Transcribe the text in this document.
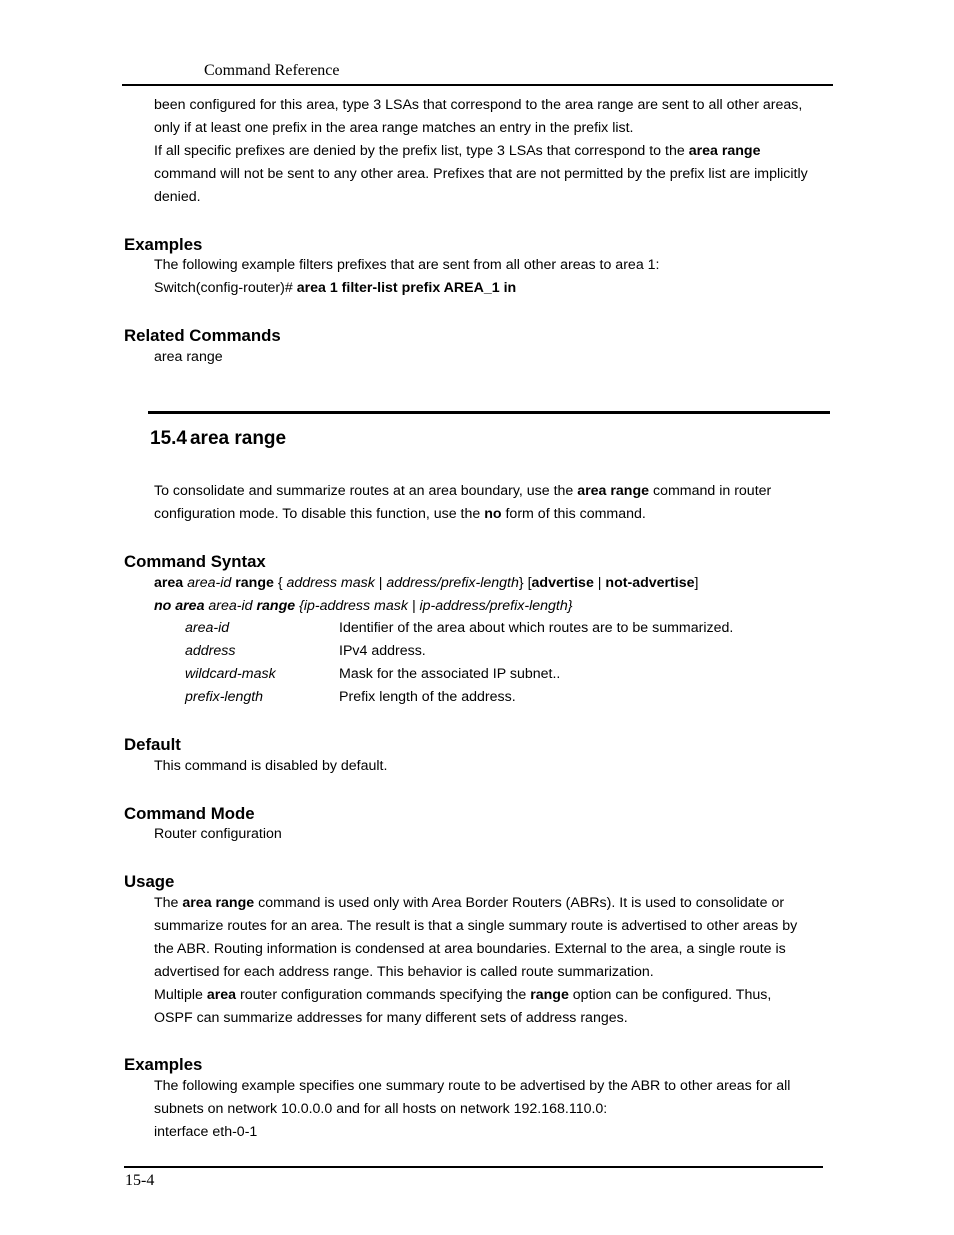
Command Reference
been configured for this area, type 3 LSAs that correspond to the area range are sent to all other areas,
only if at least one prefix in the area range matches an entry in the prefix list.
If all specific prefixes are denied by the prefix list, type 3 LSAs that correspond to the area range
command will not be sent to any other area. Prefixes that are not permitted by the prefix list are implicitly
denied.
Examples
The following example filters prefixes that are sent from all other areas to area 1:
Switch(config-router)# area 1 filter-list prefix AREA_1 in
Related Commands
area range
15.4 area range
To consolidate and summarize routes at an area boundary, use the area range command in router
configuration mode. To disable this function, use the no form of this command.
Command Syntax
area area-id range { address mask | address/prefix-length} [advertise | not-advertise]
no area area-id range {ip-address mask | ip-address/prefix-length}
area-id	Identifier of the area about which routes are to be summarized.
address	IPv4 address.
wildcard-mask	Mask for the associated IP subnet..
prefix-length	Prefix length of the address.
Default
This command is disabled by default.
Command Mode
Router configuration
Usage
The area range command is used only with Area Border Routers (ABRs). It is used to consolidate or
summarize routes for an area. The result is that a single summary route is advertised to other areas by
the ABR. Routing information is condensed at area boundaries. External to the area, a single route is
advertised for each address range. This behavior is called route summarization.
Multiple area router configuration commands specifying the range option can be configured. Thus,
OSPF can summarize addresses for many different sets of address ranges.
Examples
The following example specifies one summary route to be advertised by the ABR to other areas for all
subnets on network 10.0.0.0 and for all hosts on network 192.168.110.0:
interface eth-0-1
15-4
